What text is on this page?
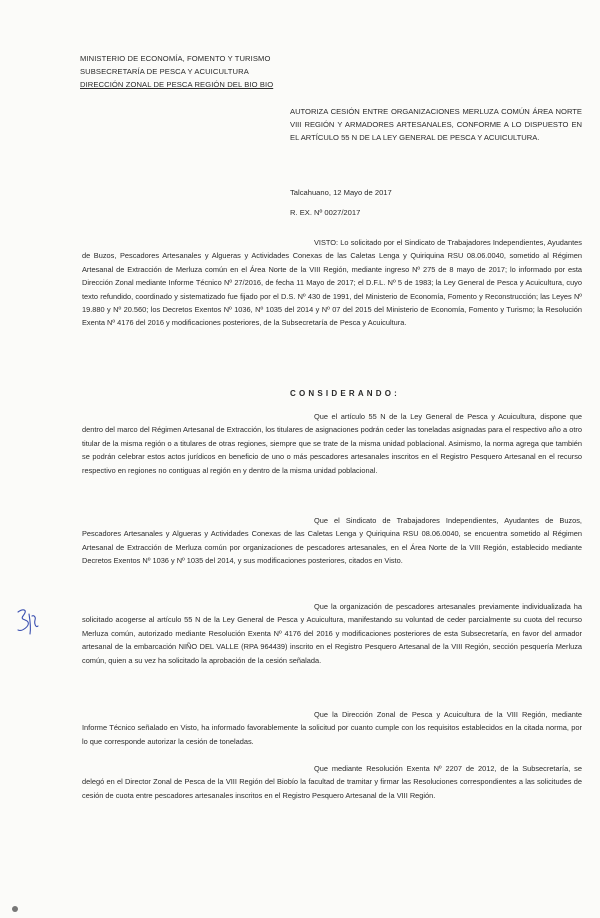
MINISTERIO DE ECONOMÍA, FOMENTO Y TURISMO
SUBSECRETARÍA DE PESCA Y ACUICULTURA
DIRECCIÓN ZONAL DE PESCA REGIÓN DEL BIO BIO
AUTORIZA CESIÓN ENTRE ORGANIZACIONES MERLUZA COMÚN ÁREA NORTE VIII REGIÓN Y ARMADORES ARTESANALES, CONFORME A LO DISPUESTO EN EL ARTÍCULO 55 N DE LA LEY GENERAL DE PESCA Y ACUICULTURA.
Talcahuano, 12 Mayo de 2017
R. EX. Nº 0027/2017
VISTO: Lo solicitado por el Sindicato de Trabajadores Independientes, Ayudantes de Buzos, Pescadores Artesanales y Algueras y Actividades Conexas de las Caletas Lenga y Quiriquina RSU 08.06.0040, sometido al Régimen Artesanal de Extracción de Merluza común en el Área Norte de la VIII Región, mediante ingreso Nº 275 de 8 mayo de 2017; lo informado por esta Dirección Zonal mediante Informe Técnico Nº 27/2016, de fecha 11 Mayo de 2017; el D.F.L. Nº 5 de 1983; la Ley General de Pesca y Acuicultura, cuyo texto refundido, coordinado y sistematizado fue fijado por el D.S. Nº 430 de 1991, del Ministerio de Economía, Fomento y Reconstrucción; las Leyes Nº 19.880 y Nº 20.560; los Decretos Exentos Nº 1036, Nº 1035 del 2014 y Nº 07 del 2015 del Ministerio de Economía, Fomento y Turismo; la Resolución Exenta Nº 4176 del 2016 y modificaciones posteriores, de la Subsecretaría de Pesca y Acuicultura.
CONSIDERANDO:
Que el artículo 55 N de la Ley General de Pesca y Acuicultura, dispone que dentro del marco del Régimen Artesanal de Extracción, los titulares de asignaciones podrán ceder las toneladas asignadas para el respectivo año a otro titular de la misma región o a titulares de otras regiones, siempre que se trate de la misma unidad poblacional. Asimismo, la norma agrega que también se podrán celebrar estos actos jurídicos en beneficio de uno o más pescadores artesanales inscritos en el Registro Pesquero Artesanal en el recurso respectivo en regiones no contiguas al región en y dentro de la misma unidad poblacional.
Que el Sindicato de Trabajadores Independientes, Ayudantes de Buzos, Pescadores Artesanales y Algueras y Actividades Conexas de las Caletas Lenga y Quiriquina RSU 08.06.0040, se encuentra sometido al Régimen Artesanal de Extracción de Merluza común por organizaciones de pescadores artesanales, en el Área Norte de la VIII Región, establecido mediante Decretos Exentos Nº 1036 y Nº 1035 del 2014, y sus modificaciones posteriores, citados en Visto.
Que la organización de pescadores artesanales previamente individualizada ha solicitado acogerse al artículo 55 N de la Ley General de Pesca y Acuicultura, manifestando su voluntad de ceder parcialmente su cuota del recurso Merluza común, autorizado mediante Resolución Exenta Nº 4176 del 2016 y modificaciones posteriores de esta Subsecretaría, en favor del armador artesanal de la embarcación NIÑO DEL VALLE (RPA 964439) inscrito en el Registro Pesquero Artesanal de la VIII Región, sección pesquería Merluza común, quien a su vez ha solicitado la aprobación de la cesión señalada.
Que la Dirección Zonal de Pesca y Acuicultura de la VIII Región, mediante Informe Técnico señalado en Visto, ha informado favorablemente la solicitud por cuanto cumple con los requisitos establecidos en la citada norma, por lo que corresponde autorizar la cesión de toneladas.
Que mediante Resolución Exenta Nº 2207 de 2012, de la Subsecretaría, se delegó en el Director Zonal de Pesca de la VIII Región del Biobío la facultad de tramitar y firmar las Resoluciones correspondientes a las solicitudes de cesión de cuota entre pescadores artesanales inscritos en el Registro Pesquero Artesanal de la VIII Región.
